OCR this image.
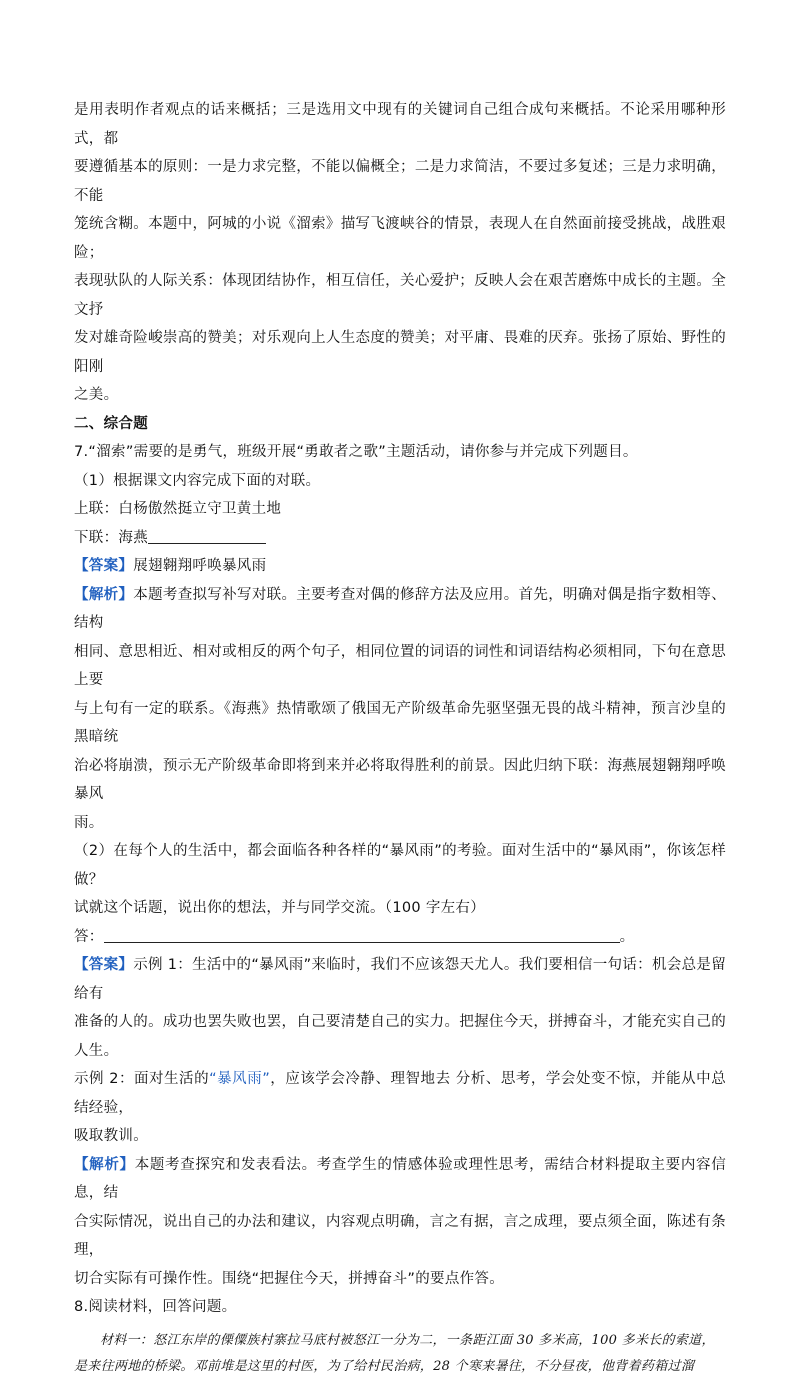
是用表明作者观点的话来概括；三是选用文中现有的关键词自己组合成句来概括。不论采用哪种形式，都

要遵循基本的原则：一是力求完整，不能以偏概全；二是力求简洁，不要过多复述；三是力求明确，不能

笼统含糊。本题中，阿城的小说《溜索》描写飞渡峡谷的情景，表现人在自然面前接受挑战，战胜艰险；

表现驮队的人际关系：体现团结协作，相互信任，关心爱护；反映人会在艰苦磨炼中成长的主题。全文抒

发对雄奇险峻崇高的赞美；对乐观向上人生态度的赞美；对平庸、畏难的厌弃。张扬了原始、野性的阳刚

之美。

二、综合题

7.“溜索”需要的是勇气，班级开展“勇敢者之歌”主题活动，请你参与并完成下列题目。

（1）根据课文内容完成下面的对联。

上联：白杨傲然挺立守卫黄土地

下联：海燕

【答案】展翅翱翔呼唤暴风雨

【解析】本题考查拟写补写对联。主要考查对偶的修辞方法及应用。首先，明确对偶是指字数相等、结构

相同、意思相近、相对或相反的两个句子，相同位置的词语的词性和词语结构必须相同，下句在意思上要

与上句有一定的联系。《海燕》热情歌颂了俄国无产阶级革命先驱坚强无畏的战斗精神，预言沙皇的黑暗统

治必将崩溃，预示无产阶级革命即将到来并必将取得胜利的前景。因此归纳下联：海燕展翅翱翔呼唤暴风

雨。

（2）在每个人的生活中，都会面临各种各样的“暴风雨”的考验。面对生活中的“暴风雨”，你该怎样做？

试就这个话题，说出你的想法，并与同学交流。（100 字左右）

答：	。

【答案】示例 1：生活中的“暴风雨”来临时，我们不应该怨天尤人。我们要相信一句话：机会总是留给有

准备的人的。成功也罢失败也罢，自己要清楚自己的实力。把握住今天，拼搏奋斗，才能充实自己的人生。

示例 2：面对生活的“暴风雨”，应该学会冷静、理智地去 分析、思考，学会处变不惊，并能从中总结经验，

吸取教训。

【解析】本题考查探究和发表看法。考查学生的情感体验或理性思考，需结合材料提取主要内容信息，结

合实际情况，说出自己的办法和建议，内容观点明确，言之有据，言之成理，要点须全面，陈述有条理，

切合实际有可操作性。围绕“把握住今天，拼搏奋斗”的要点作答。

8.阅读材料，回答问题。

材料一：怒江东岸的傈僳族村寨拉马底村被怒江一分为二，一条距江面 30 多米高，100 多米长的索道，

是来往两地的桥梁。邓前堆是这里的村医，为了给村民治病，28 个寒来暑往，不分昼夜，他背着药箱过溜
